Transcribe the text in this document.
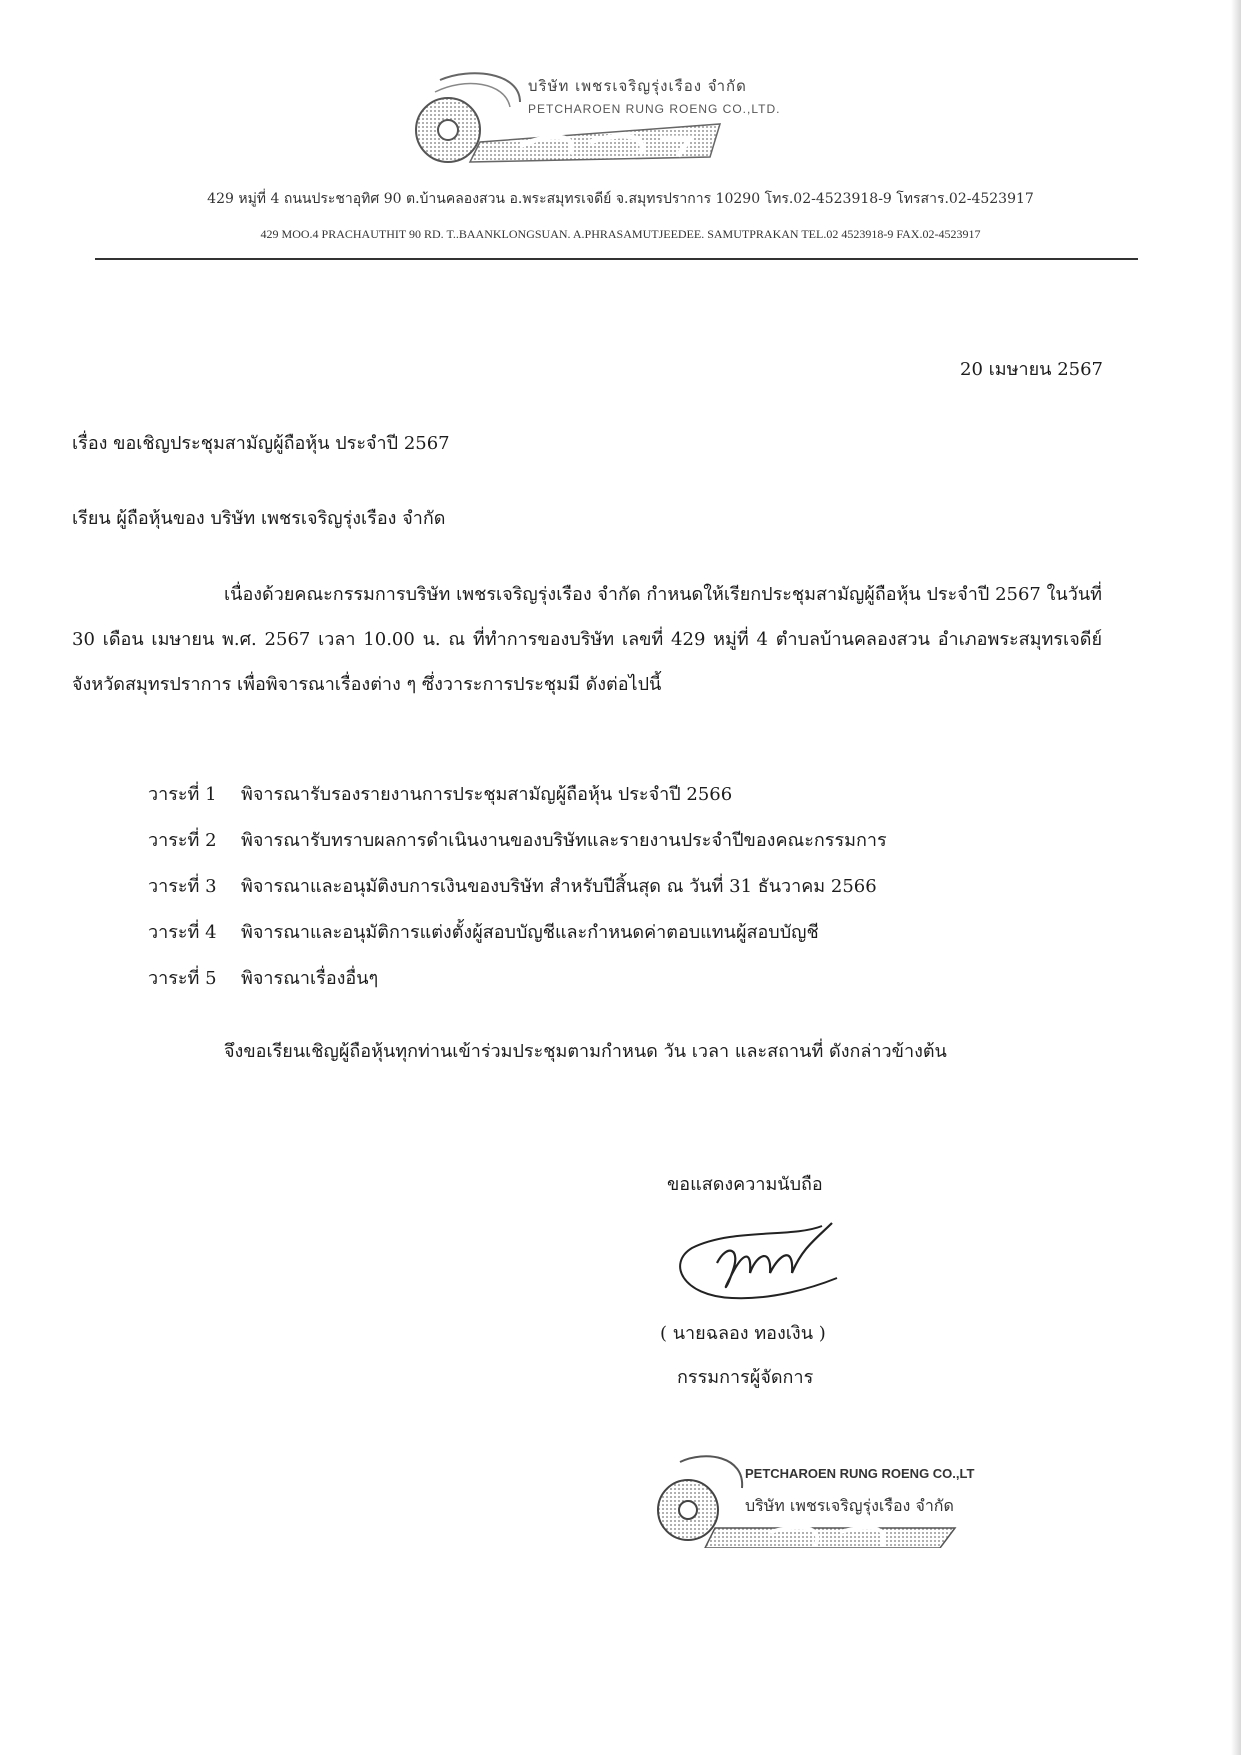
บริษัท เพชรเจริญรุ่งเรือง จำกัด
PETCHAROEN RUNG ROENG CO.,LTD.
429 หมู่ที่ 4 ถนนประชาอุทิศ 90 ต.บ้านคลองสวน อ.พระสมุทรเจดีย์ จ.สมุทรปราการ 10290 โทร.02-4523918-9 โทรสาร.02-4523917
429 MOO.4 PRACHAUTHIT 90 RD. T..BAANKLONGSUAN. A.PHRASAMUTJEEDEE. SAMUTPRAKAN TEL.02 4523918-9 FAX.02-4523917
20 เมษายน 2567
เรื่อง ขอเชิญประชุมสามัญผู้ถือหุ้น ประจำปี 2567
เรียน ผู้ถือหุ้นของ บริษัท เพชรเจริญรุ่งเรือง จำกัด
เนื่องด้วยคณะกรรมการบริษัท เพชรเจริญรุ่งเรือง จำกัด กำหนดให้เรียกประชุมสามัญผู้ถือหุ้น ประจำปี 2567 ในวันที่ 30 เดือน เมษายน พ.ศ. 2567 เวลา 10.00 น. ณ ที่ทำการของบริษัท เลขที่ 429 หมู่ที่ 4 ตำบลบ้านคลองสวน อำเภอพระสมุทรเจดีย์ จังหวัดสมุทรปราการ เพื่อพิจารณาเรื่องต่าง ๆ ซึ่งวาระการประชุมมี ดังต่อไปนี้
วาระที่ 1 พิจารณารับรองรายงานการประชุมสามัญผู้ถือหุ้น ประจำปี 2566
วาระที่ 2 พิจารณารับทราบผลการดำเนินงานของบริษัทและรายงานประจำปีของคณะกรรมการ
วาระที่ 3 พิจารณาและอนุมัติงบการเงินของบริษัท สำหรับปีสิ้นสุด ณ วันที่ 31 ธันวาคม 2566
วาระที่ 4 พิจารณาและอนุมัติการแต่งตั้งผู้สอบบัญชีและกำหนดค่าตอบแทนผู้สอบบัญชี
วาระที่ 5 พิจารณาเรื่องอื่นๆ
จึงขอเรียนเชิญผู้ถือหุ้นทุกท่านเข้าร่วมประชุมตามกำหนด วัน เวลา และสถานที่ ดังกล่าวข้างต้น
ขอแสดงความนับถือ
( นายฉลอง ทองเงิน )
กรรมการผู้จัดการ
PETCHAROEN RUNG ROENG CO.,LT
บริษัท เพชรเจริญรุ่งเรือง จำกัด
